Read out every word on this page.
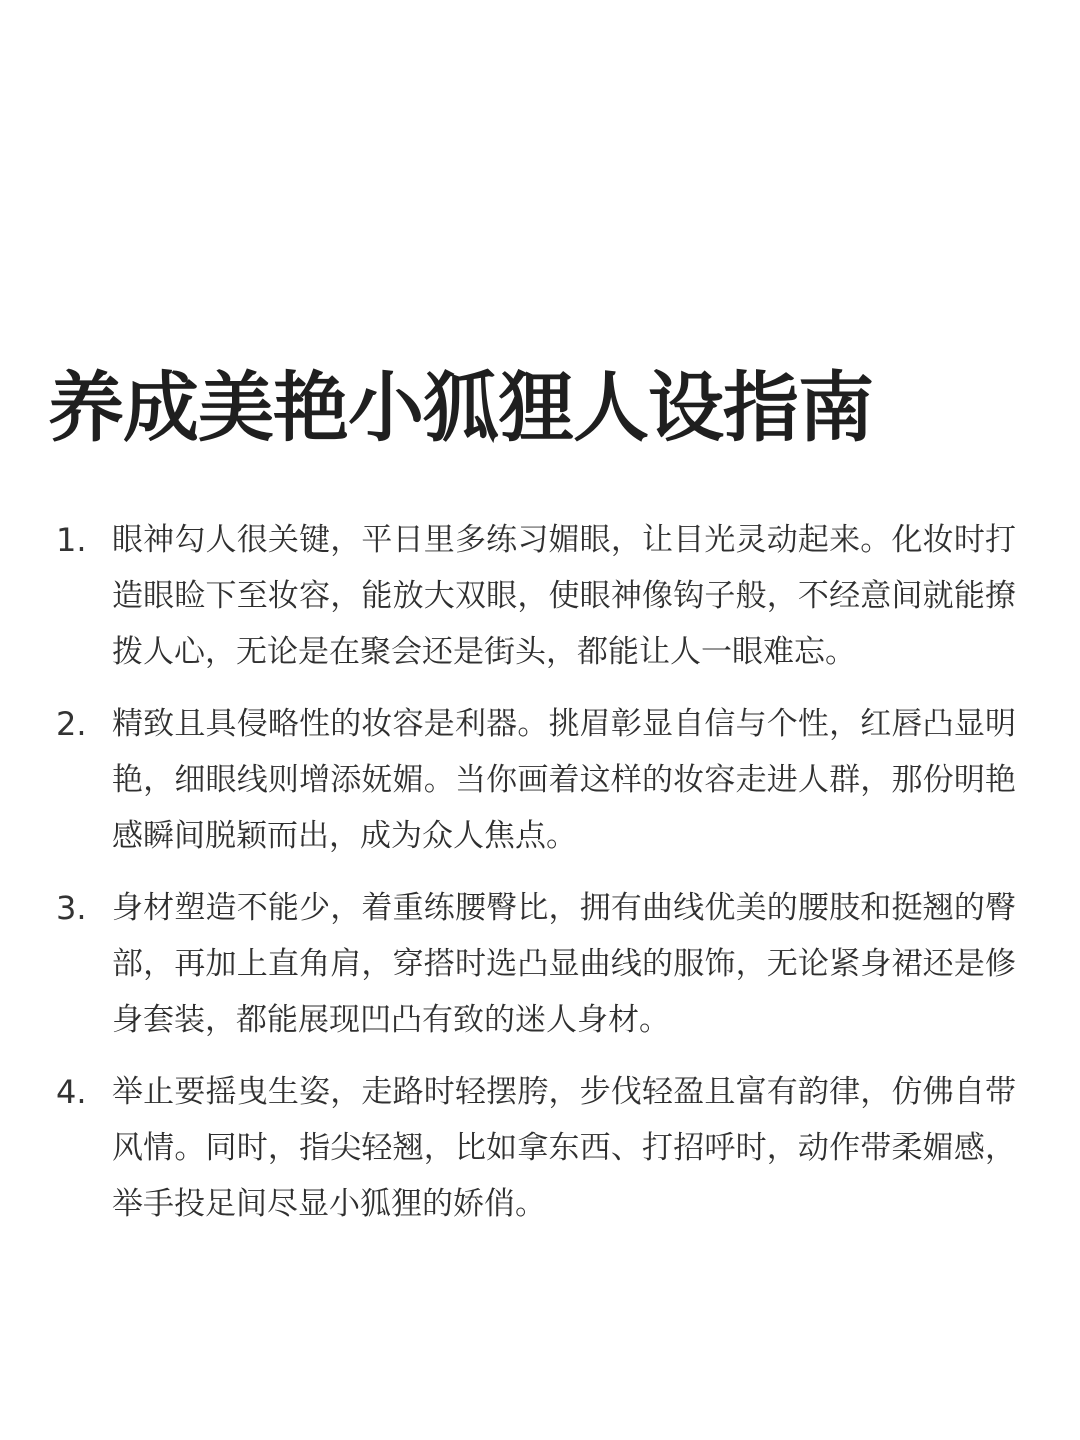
养成美艳小狐狸人设指南
1. 眼神勾人很关键，平日里多练习媚眼，让目光灵动起来。化妆时打造眼睑下至妆容，能放大双眼，使眼神像钩子般，不经意间就能撩拨人心，无论是在聚会还是街头，都能让人一眼难忘。
2. 精致且具侵略性的妆容是利器。挑眉彰显自信与个性，红唇凸显明艳，细眼线则增添妩媚。当你画着这样的妆容走进人群，那份明艳感瞬间脱颖而出，成为众人焦点。
3. 身材塑造不能少，着重练腰臀比，拥有曲线优美的腰肢和挺翘的臀部，再加上直角肩，穿搭时选凸显曲线的服饰，无论紧身裙还是修身套装，都能展现凹凸有致的迷人身材。
4. 举止要摇曳生姿，走路时轻摆胯，步伐轻盈且富有韵律，仿佛自带风情。同时，指尖轻翘，比如拿东西、打招呼时，动作带柔媚感，举手投足间尽显小狐狸的娇俏。
